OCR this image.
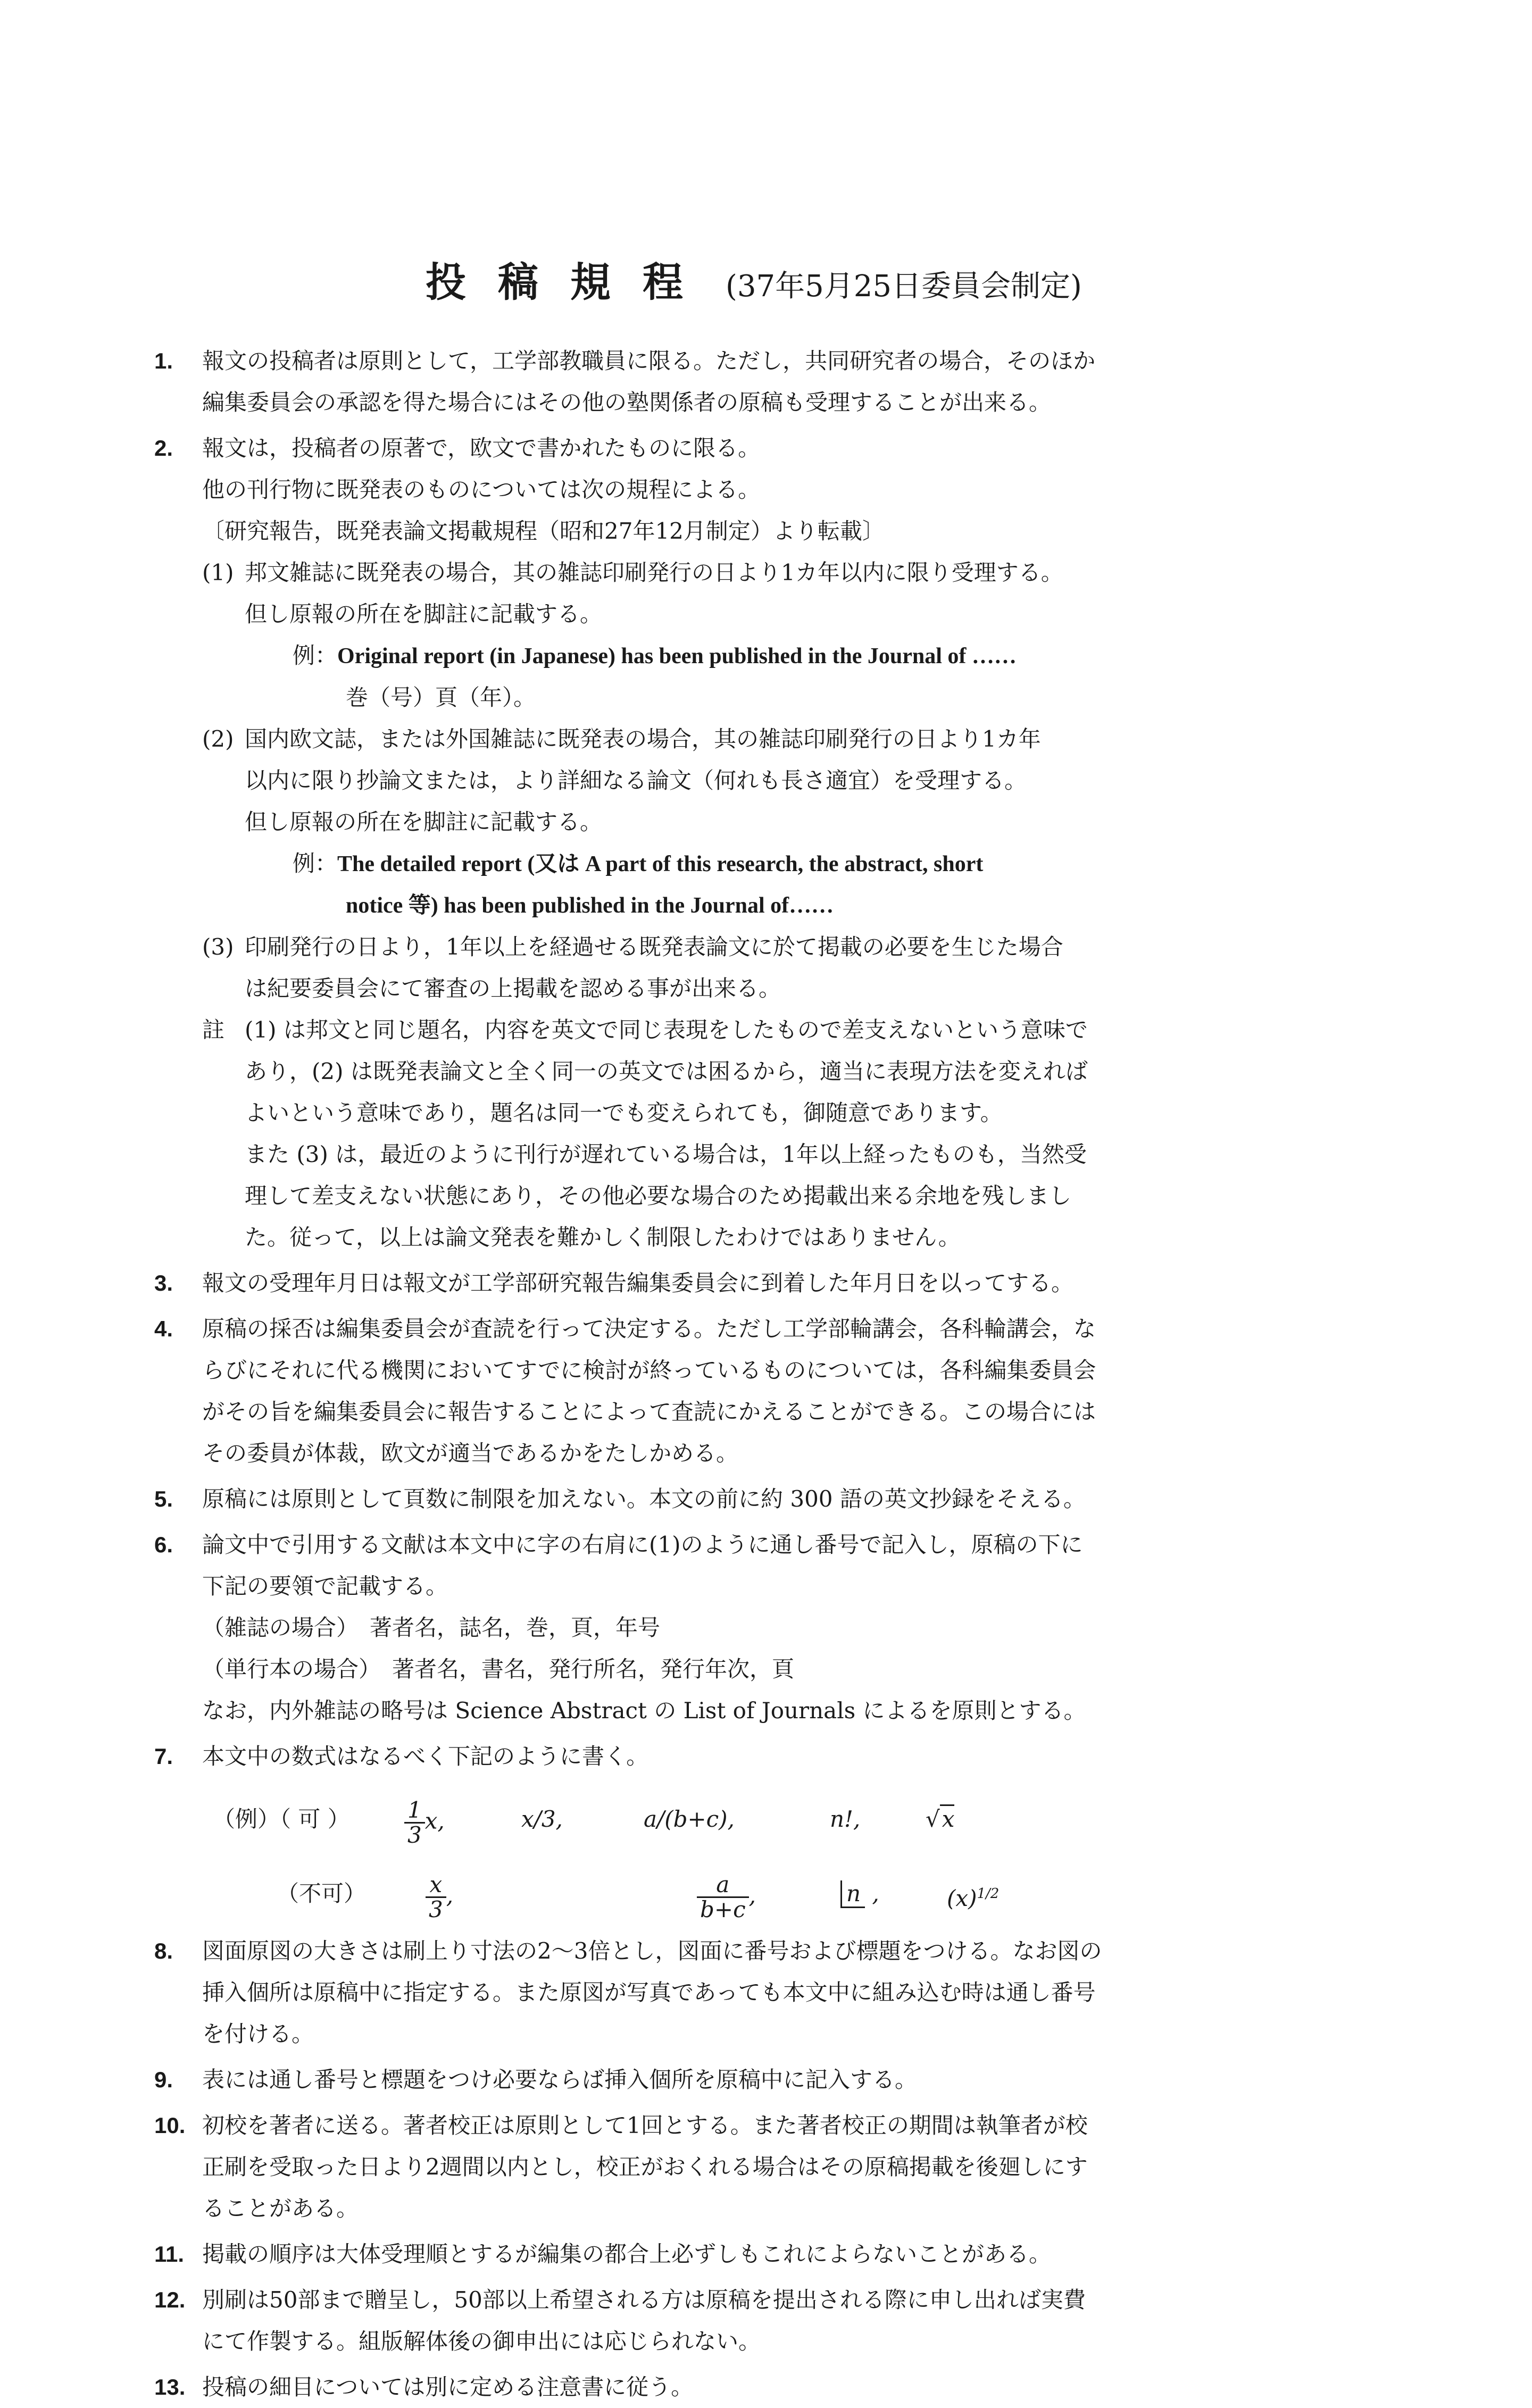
投稿規程 (37年5月25日委員会制定)
1. 報文の投稿者は原則として，工学部教職員に限る。ただし，共同研究者の場合，そのほか
編集委員会の承認を得た場合にはその他の塾関係者の原稿も受理することが出来る。
2. 報文は，投稿者の原著で，欧文で書かれたものに限る。
他の刊行物に既発表のものについては次の規程による。
〔研究報告，既発表論文掲載規程（昭和27年12月制定）より転載〕
(1) 邦文雑誌に既発表の場合，其の雑誌印刷発行の日より1カ年以内に限り受理する。
但し原報の所在を脚註に記載する。
例：Original report (in Japanese) has been published in the Journal of ……
巻（号）頁（年）。
(2) 国内欧文誌，または外国雑誌に既発表の場合，其の雑誌印刷発行の日より1カ年
以内に限り抄論文または，より詳細なる論文（何れも長さ適宜）を受理する。
但し原報の所在を脚註に記載する。
例：The detailed report (又は A part of this research, the abstract, short
notice 等) has been published in the Journal of……
(3) 印刷発行の日より，1年以上を経過せる既発表論文に於て掲載の必要を生じた場合
は紀要委員会にて審査の上掲載を認める事が出来る。
註 (1) は邦文と同じ題名，内容を英文で同じ表現をしたもので差支えないという意味で
あり，(2) は既発表論文と全く同一の英文では困るから，適当に表現方法を変えれば
よいという意味であり，題名は同一でも変えられても，御随意であります。
また (3) は，最近のように刊行が遅れている場合は，1年以上経ったものも，当然受
理して差支えない状態にあり，その他必要な場合のため掲載出来る余地を残しまし
た。従って，以上は論文発表を難かしく制限したわけではありません。
3. 報文の受理年月日は報文が工学部研究報告編集委員会に到着した年月日を以ってする。
4. 原稿の採否は編集委員会が査読を行って決定する。ただし工学部輪講会，各科輪講会，な
らびにそれに代る機関においてすでに検討が終っているものについては，各科編集委員会
がその旨を編集委員会に報告することによって査読にかえることができる。この場合には
その委員が体裁，欧文が適当であるかをたしかめる。
5. 原稿には原則として頁数に制限を加えない。本文の前に約 300 語の英文抄録をそえる。
6. 論文中で引用する文献は本文中に字の右肩に(1)のように通し番号で記入し，原稿の下に
下記の要領で記載する。
（雑誌の場合）　著者名，誌名，巻，頁，年号
（単行本の場合）　著者名，書名，発行所名，発行年次，頁
なお，内外雑誌の略号は Science Abstract の List of Journals によるを原則とする。
7. 本文中の数式はなるべく下記のように書く。
（例）（ 可 ） $\frac{1}{3} x$,	x/3,	a/(b+c),	n!,	√x
（不可）	$\frac{x}{3}$ ,	$\frac{a}{b+c}$ ,	n ,	$(x)^{1/2}$
8. 図面原図の大きさは刷上り寸法の2〜3倍とし，図面に番号および標題をつける。なお図の
挿入個所は原稿中に指定する。また原図が写真であっても本文中に組み込む時は通し番号
を付ける。
9. 表には通し番号と標題をつけ必要ならば挿入個所を原稿中に記入する。
10. 初校を著者に送る。著者校正は原則として1回とする。また著者校正の期間は執筆者が校
正刷を受取った日より2週間以内とし，校正がおくれる場合はその原稿掲載を後廻しにす
ることがある。
11. 掲載の順序は大体受理順とするが編集の都合上必ずしもこれによらないことがある。
12. 別刷は50部まで贈呈し，50部以上希望される方は原稿を提出される際に申し出れば実費
にて作製する。組版解体後の御申出には応じられない。
13. 投稿の細目については別に定める注意書に従う。
